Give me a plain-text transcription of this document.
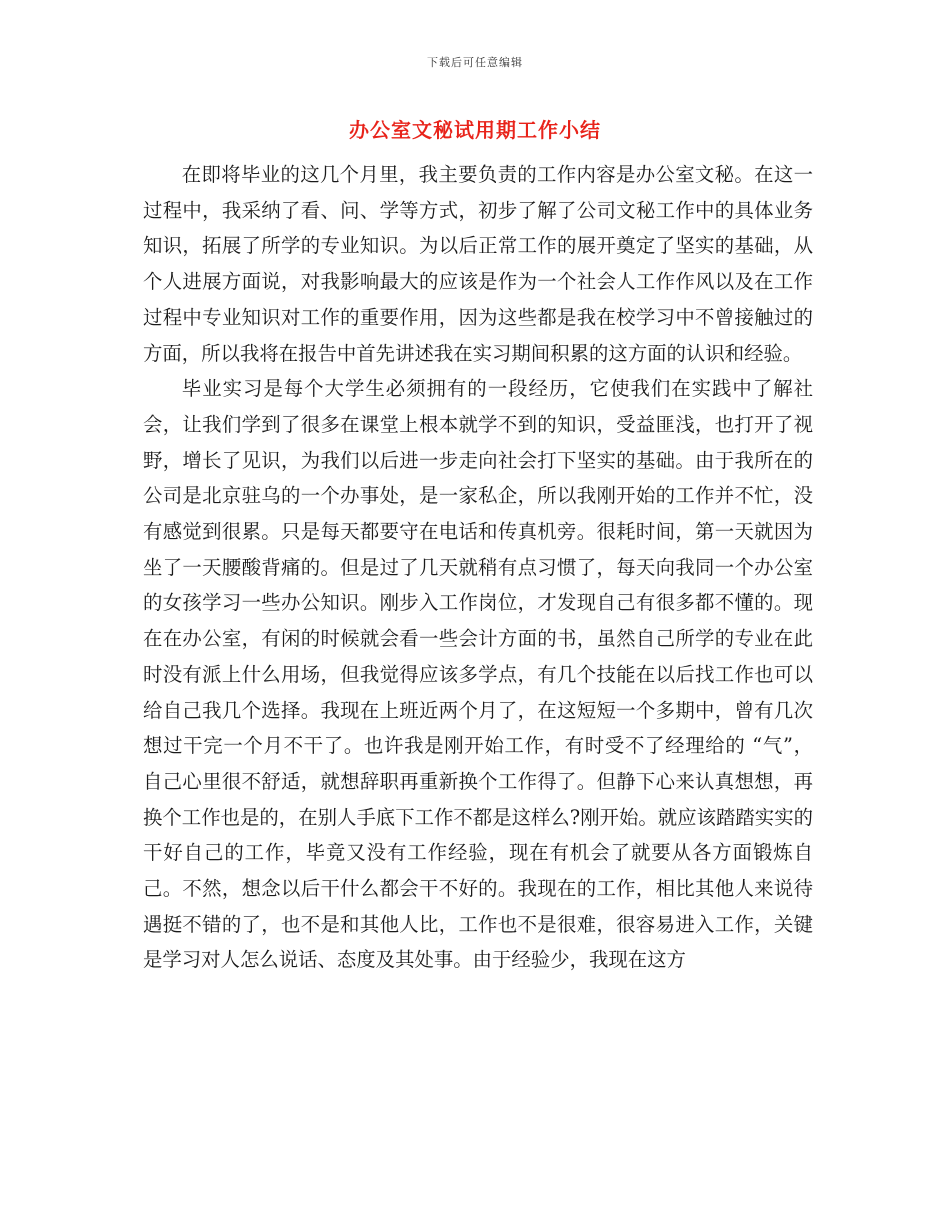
下载后可任意编辑
办公室文秘试用期工作小结

在即将毕业的这几个月里，我主要负责的工作内容是办公室文秘。在这一过程中，我采纳了看、问、学等方式，初步了解了公司文秘工作中的具体业务知识，拓展了所学的专业知识。为以后正常工作的展开奠定了坚实的基础，从个人进展方面说，对我影响最大的应该是作为一个社会人工作作风以及在工作过程中专业知识对工作的重要作用，因为这些都是我在校学习中不曾接触过的方面，所以我将在报告中首先讲述我在实习期间积累的这方面的认识和经验。

毕业实习是每个大学生必须拥有的一段经历，它使我们在实践中了解社会，让我们学到了很多在课堂上根本就学不到的知识，受益匪浅，也打开了视野，增长了见识，为我们以后进一步走向社会打下坚实的基础。由于我所在的公司是北京驻乌的一个办事处，是一家私企，所以我刚开始的工作并不忙，没有感觉到很累。只是每天都要守在电话和传真机旁。很耗时间，第一天就因为坐了一天腰酸背痛的。但是过了几天就稍有点习惯了，每天向我同一个办公室的女孩学习一些办公知识。刚步入工作岗位，才发现自己有很多都不懂的。现在在办公室，有闲的时候就会看一些会计方面的书，虽然自己所学的专业在此时没有派上什么用场，但我觉得应该多学点，有几个技能在以后找工作也可以给自己我几个选择。我现在上班近两个月了，在这短短一个多期中，曾有几次想过干完一个月不干了。也许我是刚开始工作，有时受不了经理给的 “气”， 自己心里很不舒适，就想辞职再重新换个工作得了。但静下心来认真想想，再换个工作也是的，在别人手底下工作不都是这样么?刚开始。就应该踏踏实实的干好自己的工作，毕竟又没有工作经验，现在有机会了就要从各方面锻炼自己。不然，想念以后干什么都会干不好的。我现在的工作，相比其他人来说待遇挺不错的了，也不是和其他人比，工作也不是很难，很容易进入工作，关键是学习对人怎么说话、态度及其处事。由于经验少，我现在这方
